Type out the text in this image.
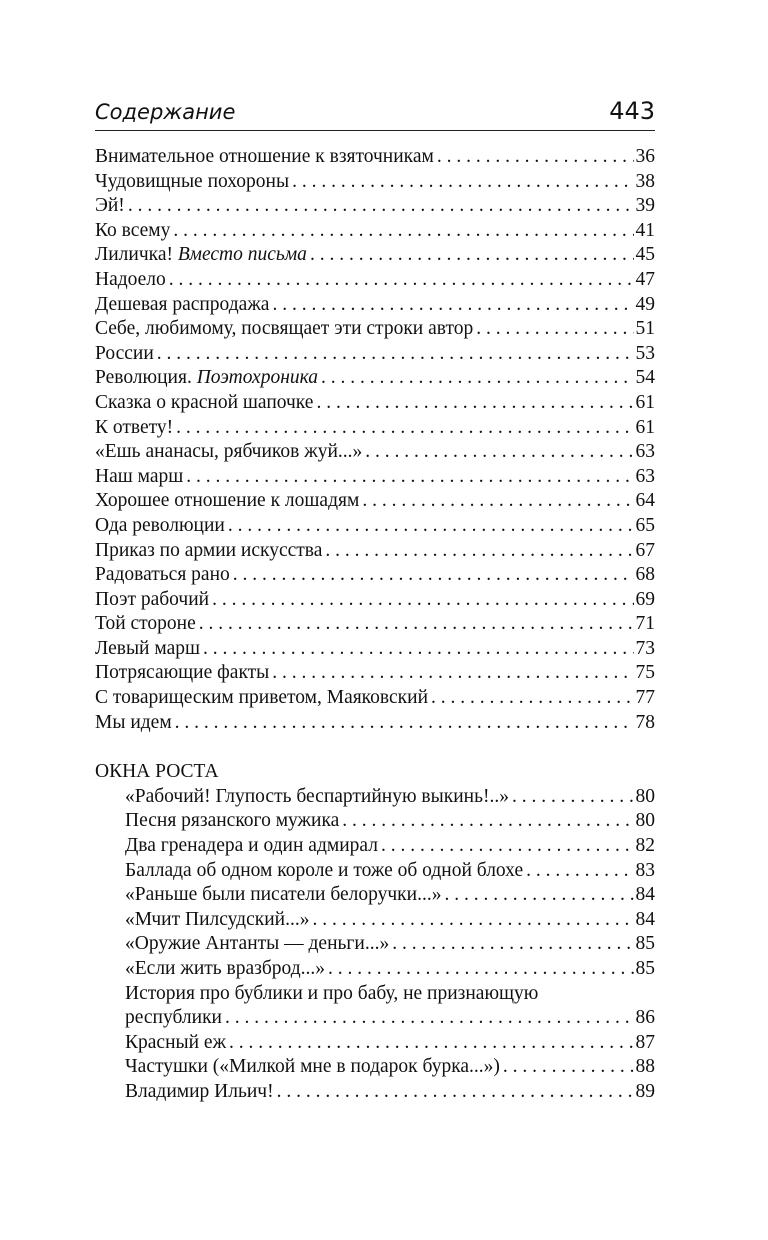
Содержание	443
Внимательное отношение к взяточникам . . .	36
Чудовищные похороны . . .	38
Эй! . . .	39
Ко всему . . .	41
Лиличка! Вместо письма . . .	45
Надоело . . .	47
Дешевая распродажа . . .	49
Себе, любимому, посвящает эти строки автор . . .	51
России . . .	53
Революция. Поэтохроника . . .	54
Сказка о красной шапочке . . .	61
К ответу! . . .	61
«Ешь ананасы, рябчиков жуй...» . . .	63
Наш марш . . .	63
Хорошее отношение к лошадям . . .	64
Ода революции . . .	65
Приказ по армии искусства . . .	67
Радоваться рано . . .	68
Поэт рабочий . . .	69
Той стороне . . .	71
Левый марш . . .	73
Потрясающие факты . . .	75
С товарищеским приветом, Маяковский . . .	77
Мы идем . . .	78
ОКНА РОСТА
«Рабочий! Глупость беспартийную выкинь!..» . . .	80
Песня рязанского мужика . . .	80
Два гренадера и один адмирал . . .	82
Баллада об одном короле и тоже об одной блохе . . .	83
«Раньше были писатели белоручки...» . . .	84
«Мчит Пилсудский...» . . .	84
«Оружие Антанты — деньги...» . . .	85
«Если жить вразброд...» . . .	85
История про бублики и про бабу, не признающую
республики . . .	86
Красный еж . . .	87
Частушки («Милкой мне в подарок бурка...») . . .	88
Владимир Ильич! . . .	89
